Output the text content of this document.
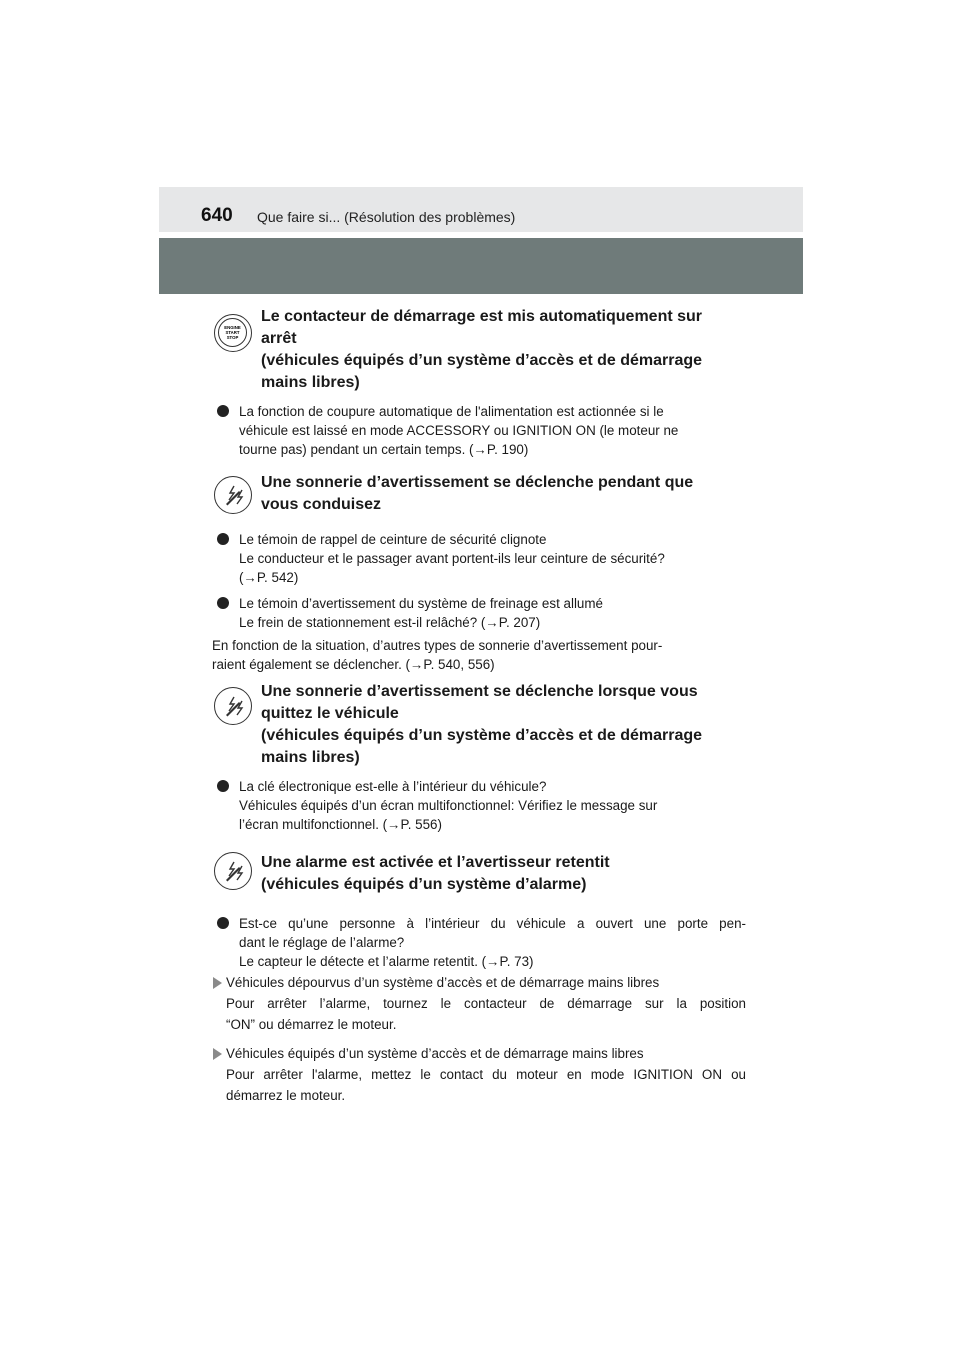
640 Que faire si... (Résolution des problèmes)
ENGINE
START
STOP
Le contacteur de démarrage est mis automatiquement sur
arrêt
(véhicules équipés d’un système d’accès et de démarrage
mains libres)
La fonction de coupure automatique de l'alimentation est actionnée si le
véhicule est laissé en mode ACCESSORY ou IGNITION ON (le moteur ne
tourne pas) pendant un certain temps. (→P. 190)
Une sonnerie d’avertissement se déclenche pendant que
vous conduisez
Le témoin de rappel de ceinture de sécurité clignote
Le conducteur et le passager avant portent-ils leur ceinture de sécurité?
(→P. 542)
Le témoin d’avertissement du système de freinage est allumé
Le frein de stationnement est-il relâché? (→P. 207)
En fonction de la situation, d’autres types de sonnerie d’avertissement pour-
raient également se déclencher. (→P. 540, 556)
Une sonnerie d’avertissement se déclenche lorsque vous
quittez le véhicule
(véhicules équipés d’un système d’accès et de démarrage
mains libres)
La clé électronique est-elle à l’intérieur du véhicule?
Véhicules équipés d’un écran multifonctionnel: Vérifiez le message sur
l’écran multifonctionnel. (→P. 556)
Une alarme est activée et l’avertisseur retentit
(véhicules équipés d’un système d’alarme)
Est-ce qu’une personne à l’intérieur du véhicule a ouvert une porte pen-
dant le réglage de l’alarme?
Le capteur le détecte et l’alarme retentit. (→P. 73)
Véhicules dépourvus d’un système d’accès et de démarrage mains libres
Pour arrêter l’alarme, tournez le contacteur de démarrage sur la position
“ON” ou démarrez le moteur.
Véhicules équipés d’un système d’accès et de démarrage mains libres
Pour arrêter l'alarme, mettez le contact du moteur en mode IGNITION ON ou
démarrez le moteur.
